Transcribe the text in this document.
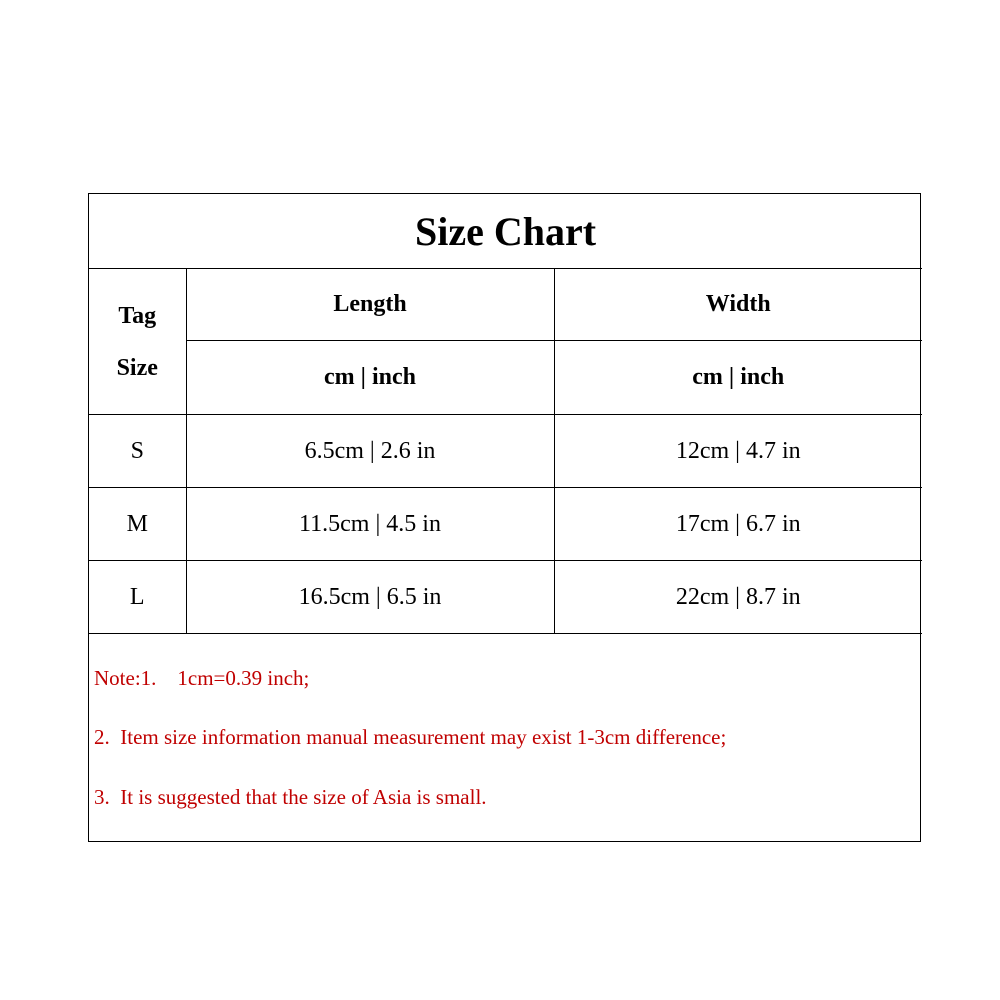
Size Chart		

Tag
Size	Length	Width
	cm | inch	cm | inch
S	6.5cm | 2.6 in	12cm | 4.7 in
M	11.5cm | 4.5 in	17cm | 6.7 in
L	16.5cm | 6.5 in	22cm | 8.7 in
Note:1.    1cm=0.39 inch;
2.  Item size information manual measurement may exist 1-3cm difference;
3.  It is suggested that the size of Asia is small.
